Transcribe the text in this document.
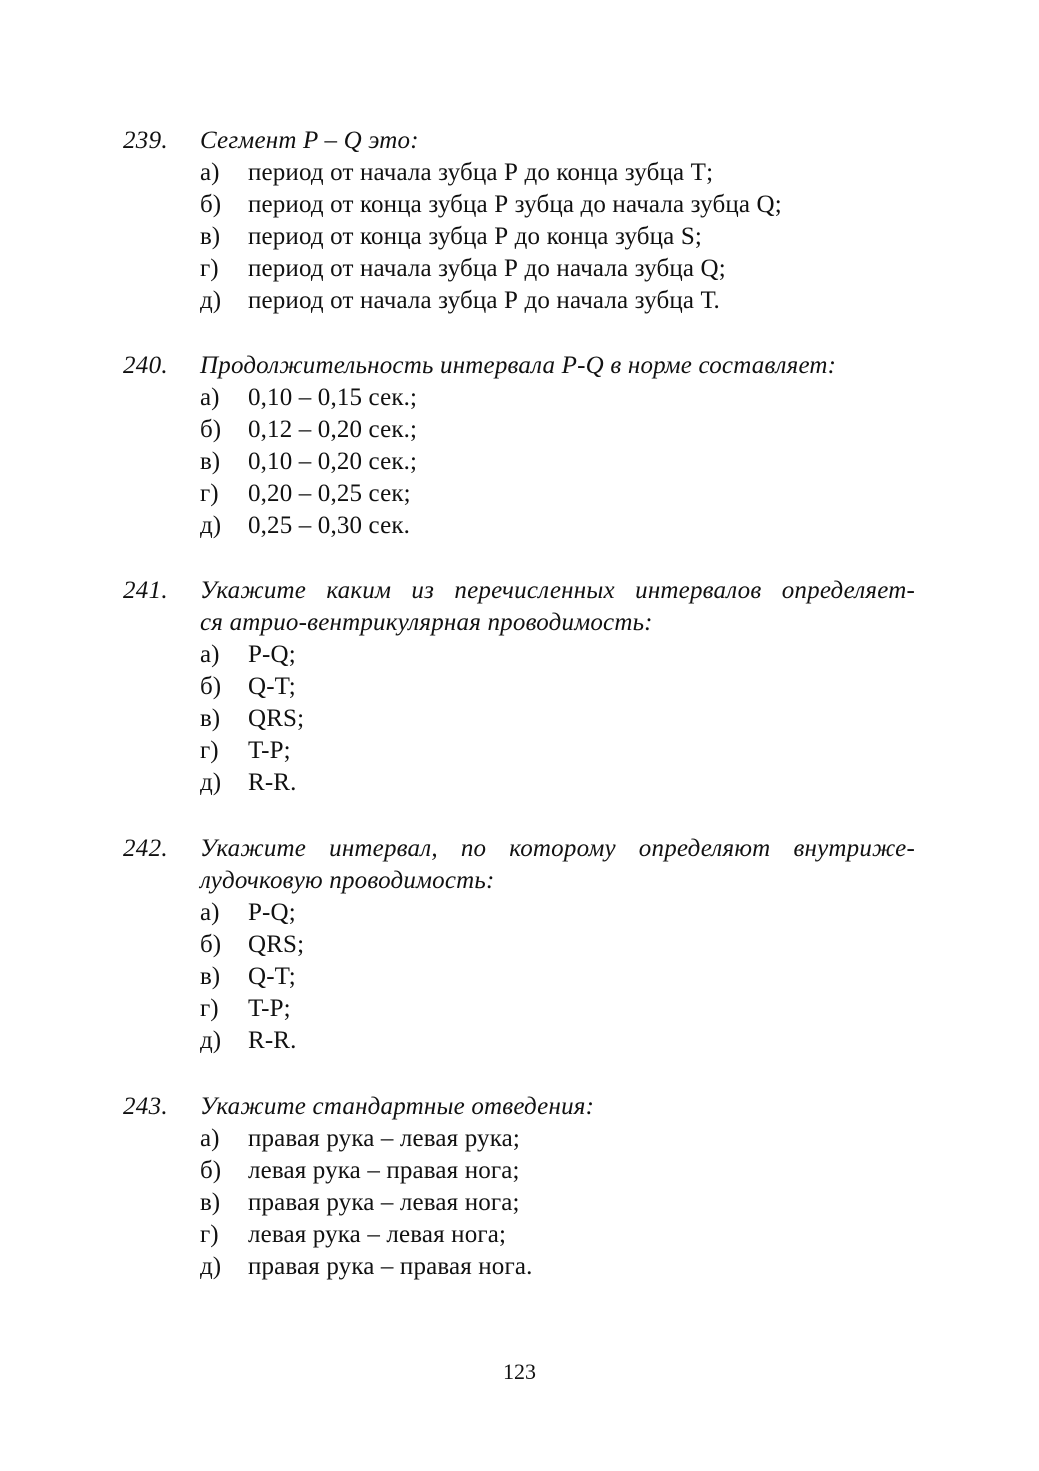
239. Сегмент P – Q это:
а) период от начала зубца Р до конца зубца Т;
б) период от конца зубца Р зубца до начала зубца Q;
в) период от конца зубца Р до конца зубца S;
г) период от начала зубца Р до начала зубца Q;
д) период от начала зубца Р до начала зубца Т.
240. Продолжительность интервала P-Q в норме составляет:
а) 0,10 – 0,15 сек.;
б) 0,12 – 0,20 сек.;
в) 0,10 – 0,20 сек.;
г) 0,20 – 0,25 сек;
д) 0,25 – 0,30 сек.
241. Укажите каким из перечисленных интервалов определяет-
ся атрио-вентрикулярная проводимость:
а) P-Q;
б) Q-T;
в) QRS;
г) T-P;
д) R-R.
242. Укажите интервал, по которому определяют внутриже-
лудочковую проводимость:
а) P-Q;
б) QRS;
в) Q-T;
г) T-P;
д) R-R.
243. Укажите стандартные отведения:
а) правая рука – левая рука;
б) левая рука – правая нога;
в) правая рука – левая нога;
г) левая рука – левая нога;
д) правая рука – правая нога.
123
